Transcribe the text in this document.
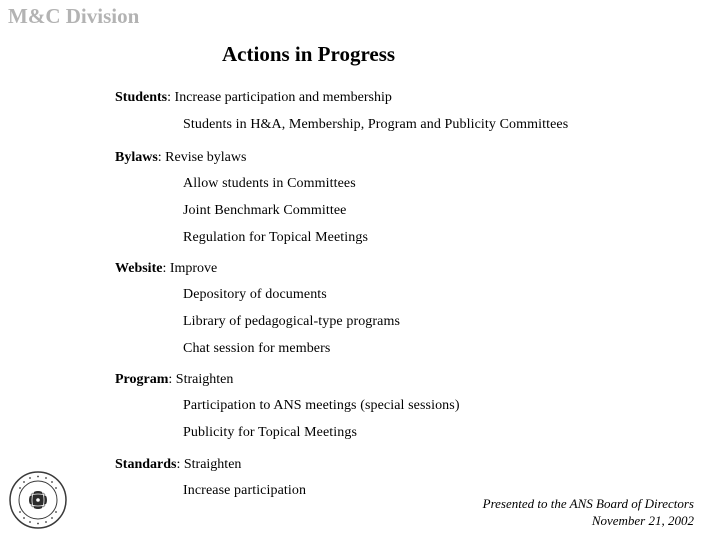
M&C Division
Actions in Progress
Students: Increase participation and membership
Students in H&A, Membership, Program and Publicity Committees
Bylaws: Revise bylaws
Allow students in Committees
Joint Benchmark Committee
Regulation for Topical Meetings
Website: Improve
Depository of documents
Library of pedagogical-type programs
Chat session for members
Program: Straighten
Participation to ANS meetings (special sessions)
Publicity for Topical Meetings
Standards: Straighten
Increase participation
Presented to the ANS Board of Directors
November 21, 2002
